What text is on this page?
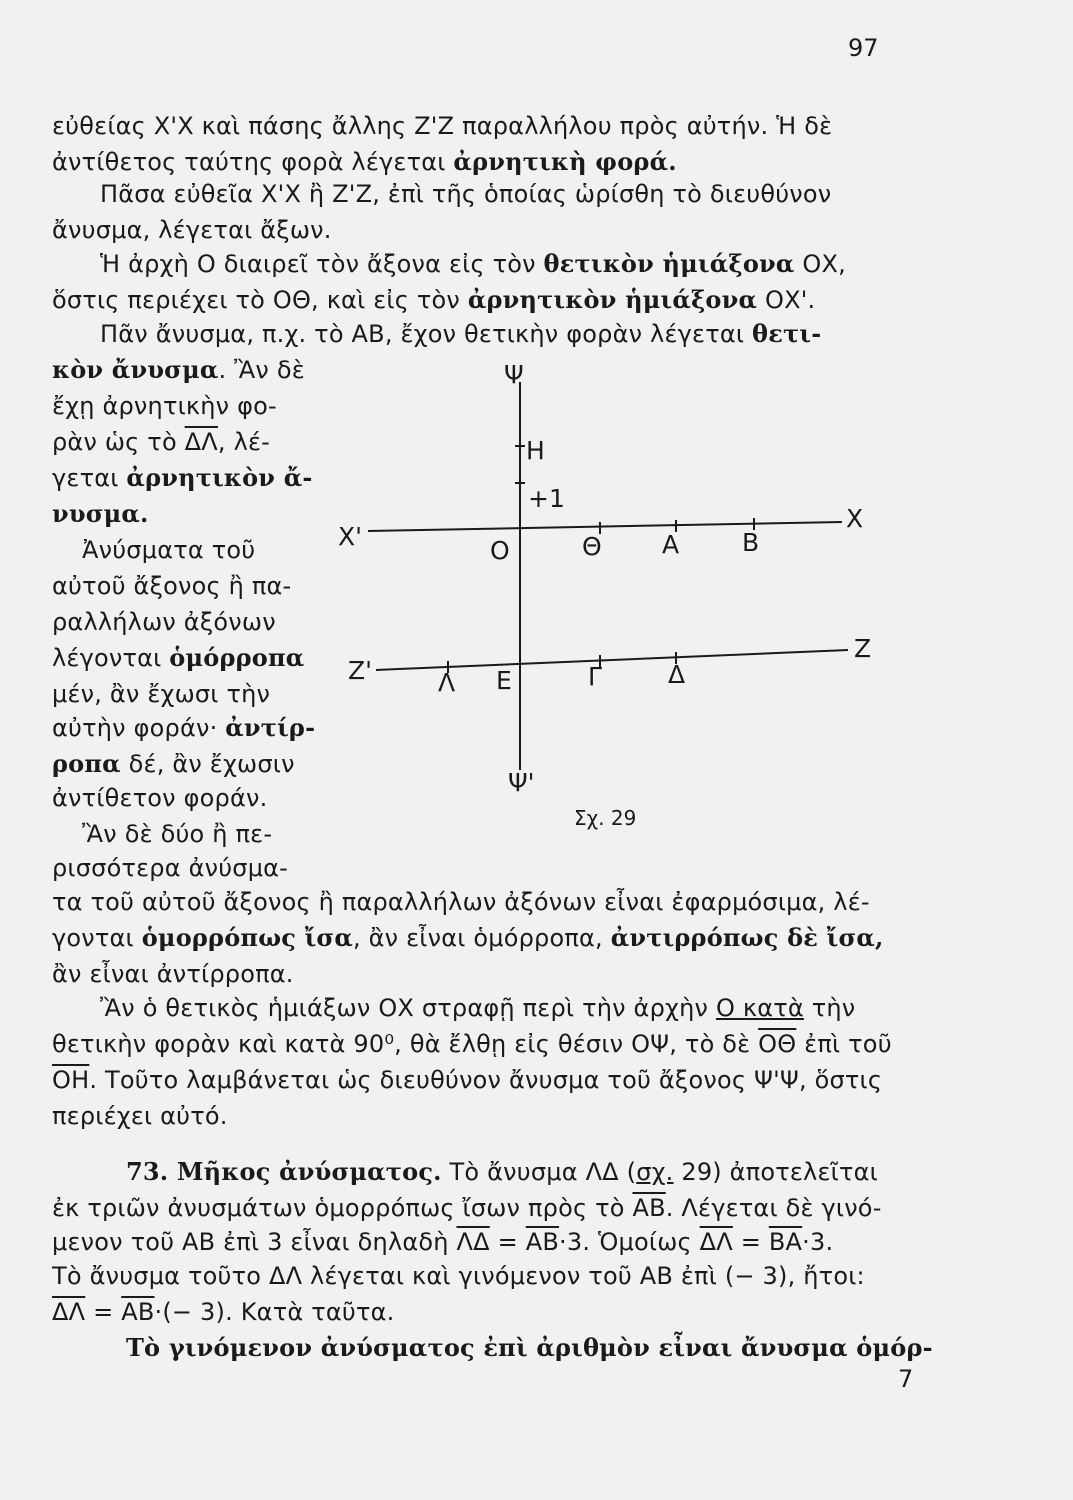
97
εὐθείας Χ'Χ καὶ πάσης ἄλλης Ζ'Ζ παραλλήλου πρὸς αὐτήν. Ἡ δὲ
ἀντίθετος ταύτης φορὰ λέγεται ἀρνητικὴ φορά.
Πᾶσα εὐθεῖα Χ'Χ ἢ Ζ'Ζ, ἐπὶ τῆς ὁποίας ὡρίσθη τὸ διευθύνον
ἄνυσμα, λέγεται ἄξων.
Ἡ ἀρχὴ Ο διαιρεῖ τὸν ἄξονα εἰς τὸν θετικὸν ἡμιάξονα ΟΧ,
ὅστις περιέχει τὸ ΟΘ, καὶ εἰς τὸν ἀρνητικὸν ἡμιάξονα ΟΧ'.
Πᾶν ἄνυσμα, π.χ. τὸ ΑΒ, ἔχον θετικὴν φορὰν λέγεται θετι-
κὸν ἄνυσμα. Ἂν δὲ
ἔχῃ ἀρνητικὴν φο-
ρὰν ὡς τὸ $\overline{\Delta\Lambda}$, λέ-
γεται ἀρνητικὸν ἄ-
νυσμα.
Ἀνύσματα τοῦ
αὐτοῦ ἄξονος ἢ πα-
ραλλήλων ἀξόνων
λέγονται ὁμόρροπα
μέν, ἂν ἔχωσι τὴν
αὐτὴν φοράν· ἀντίρ-
ροπα δέ, ἂν ἔχωσιν
ἀντίθετον φοράν.
Ἂν δὲ δύο ἢ πε-
ρισσότερα ἀνύσμα-
Ψ
Η
+1
Χ'
Χ
Ο	Θ Α	Β
Ζ'
Ζ
Λ Ε	Γ	Δ
Ψ'
Σχ. 29
τα τοῦ αὐτοῦ ἄξονος ἢ παραλλήλων ἀξόνων εἶναι ἐφαρμόσιμα, λέ-
γονται ὁμορρόπως ἴσα, ἂν εἶναι ὁμόρροπα, ἀντιρρόπως δὲ ἴσα,
ἂν εἶναι ἀντίρροπα.
Ἂν ὁ θετικὸς ἡμιάξων ΟΧ στραφῇ περὶ τὴν ἀρχὴν Ο κατὰ τὴν
θετικὴν φορὰν καὶ κατὰ 90⁰, θὰ ἔλθῃ εἰς θέσιν ΟΨ, τὸ δὲ $\overline{O\Theta}$ ἐπὶ τοῦ
$\overline{OH}$. Τοῦτο λαμβάνεται ὡς διευθύνον ἄνυσμα τοῦ ἄξονος Ψ'Ψ, ὅστις
περιέχει αὐτό.
73. Μῆκος ἀνύσματος. Τὸ ἄνυσμα ΛΔ (σχ. 29) ἀποτελεῖται
ἐκ τριῶν ἀνυσμάτων ὁμορρόπως ἴσων πρὸς τὸ $\overline{AB}$. Λέγεται δὲ γινό-
μενον τοῦ ΑΒ ἐπὶ 3 εἶναι δηλαδὴ $\overline{\Lambda\Delta} = \overline{AB}\cdot 3$. Ὁμοίως $\overline{\Delta\Lambda} = \overline{BA}\cdot 3$.
Τὸ ἄνυσμα τοῦτο ΔΛ λέγεται καὶ γινόμενον τοῦ ΑΒ ἐπὶ (− 3), ἤτοι:
$\overline{\Delta\Lambda} = \overline{AB}\cdot(- 3)$. Κατὰ ταῦτα.
Τὸ γινόμενον ἀνύσματος ἐπὶ ἀριθμὸν εἶναι ἄνυσμα ὁμόρ-
7
